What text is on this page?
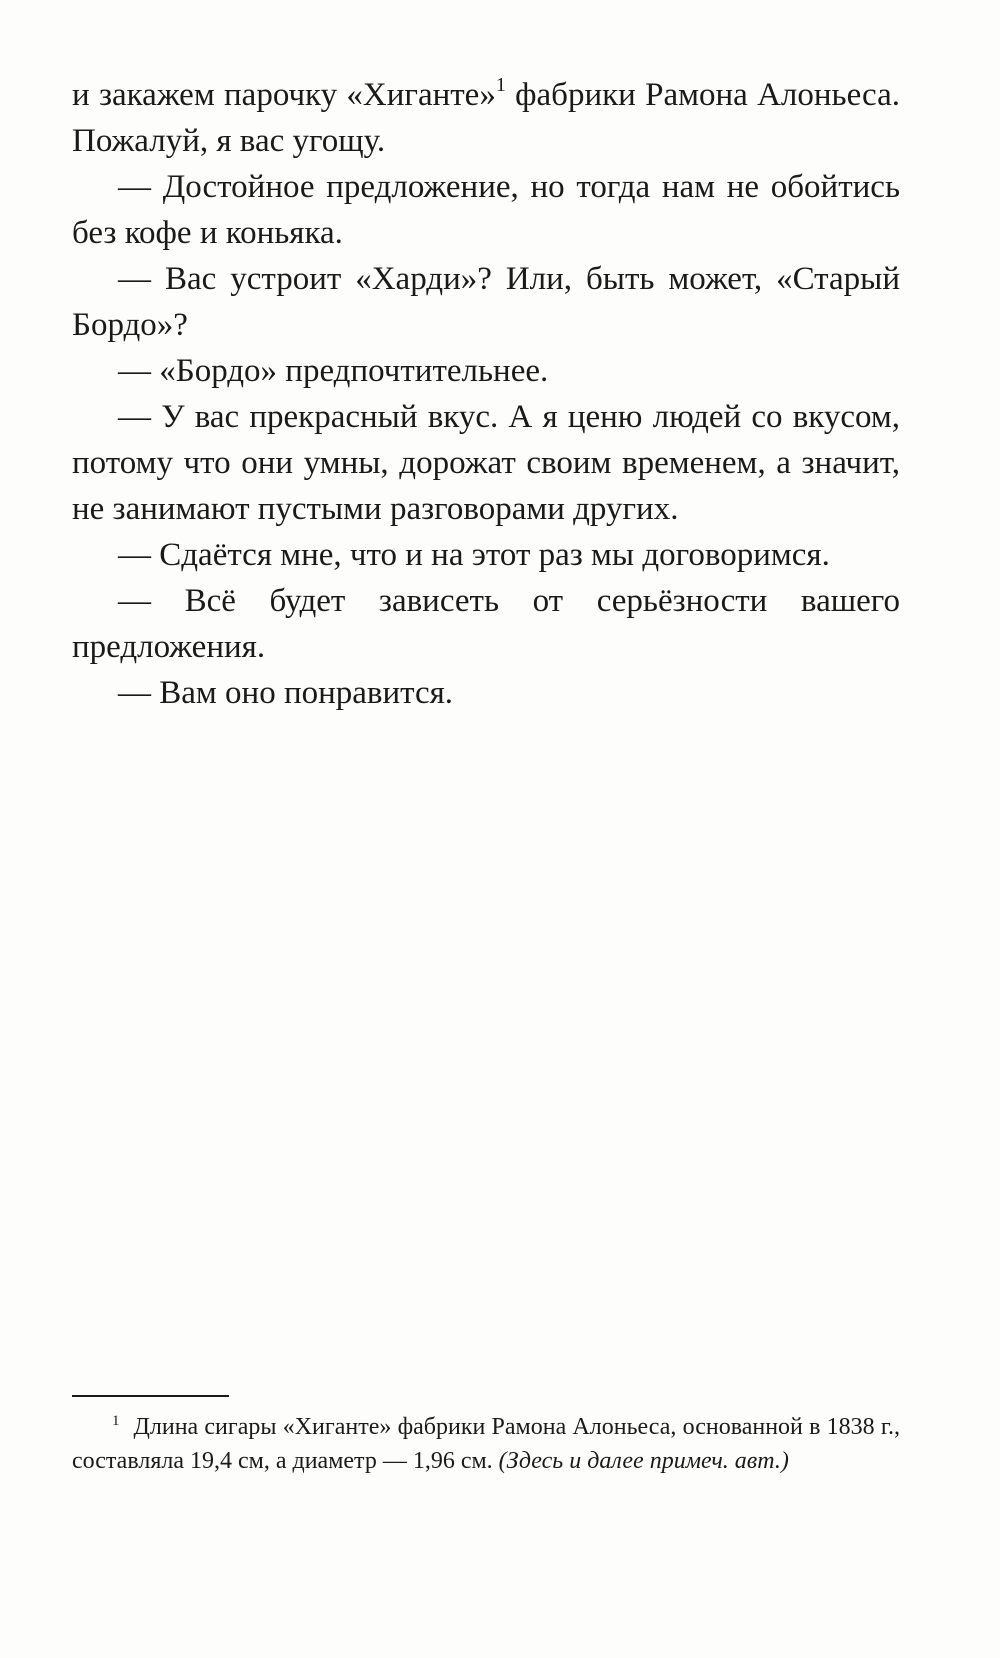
и закажем парочку «Хиганте»$^1$ фабрики Рамона Алоньеса. Пожалуй, я вас угощу.

— Достойное предложение, но тогда нам не обойтись без кофе и коньяка.

— Вас устроит «Харди»? Или, быть может, «Старый Бордо»?

— «Бордо» предпочтительнее.

— У вас прекрасный вкус. А я ценю людей со вкусом, потому что они умны, дорожат своим временем, а значит, не занимают пустыми разговорами других.

— Сдаётся мне, что и на этот раз мы договоримся.

— Всё будет зависеть от серьёзности вашего предложения.

— Вам оно понравится.

$^1$ Длина сигары «Хиганте» фабрики Рамона Алоньеса, основанной в 1838 г., составляла 19,4 см, а диаметр — 1,96 см. (Здесь и далее примеч. авт.)
